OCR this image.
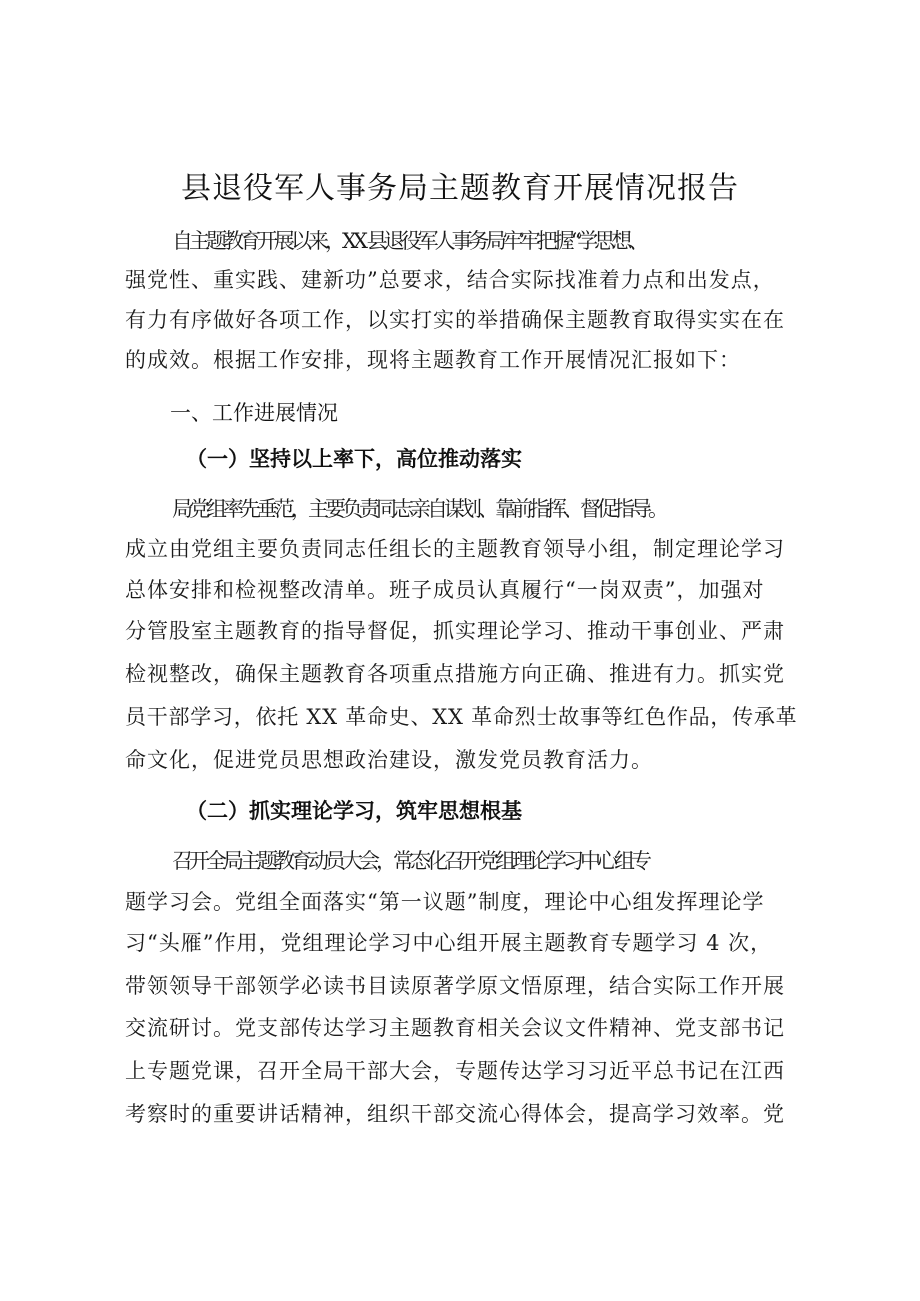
县退役军人事务局主题教育开展情况报告
自主题教育开展以来，XX 县退役军人事务局牢牢把握“学思想、
强党性、重实践、建新功”总要求，结合实际找准着力点和出发点，
有力有序做好各项工作，以实打实的举措确保主题教育取得实实在在
的成效。根据工作安排，现将主题教育工作开展情况汇报如下：
一、工作进展情况
（一）坚持以上率下，高位推动落实
局党组率先垂范，主要负责同志亲自谋划、靠前指挥、督促指导。
成立由党组主要负责同志任组长的主题教育领导小组，制定理论学习
总体安排和检视整改清单。班子成员认真履行“一岗双责”，加强对
分管股室主题教育的指导督促，抓实理论学习、推动干事创业、严肃
检视整改，确保主题教育各项重点措施方向正确、推进有力。抓实党
员干部学习，依托 XX 革命史、XX 革命烈士故事等红色作品，传承革
命文化，促进党员思想政治建设，激发党员教育活力。
（二）抓实理论学习，筑牢思想根基
召开全局主题教育动员大会，常态化召开党组理论学习中心组专
题学习会。党组全面落实“第一议题”制度，理论中心组发挥理论学
习“头雁”作用，党组理论学习中心组开展主题教育专题学习 4 次，
带领领导干部领学必读书目读原著学原文悟原理，结合实际工作开展
交流研讨。党支部传达学习主题教育相关会议文件精神、党支部书记
上专题党课，召开全局干部大会，专题传达学习习近平总书记在江西
考察时的重要讲话精神，组织干部交流心得体会，提高学习效率。党
